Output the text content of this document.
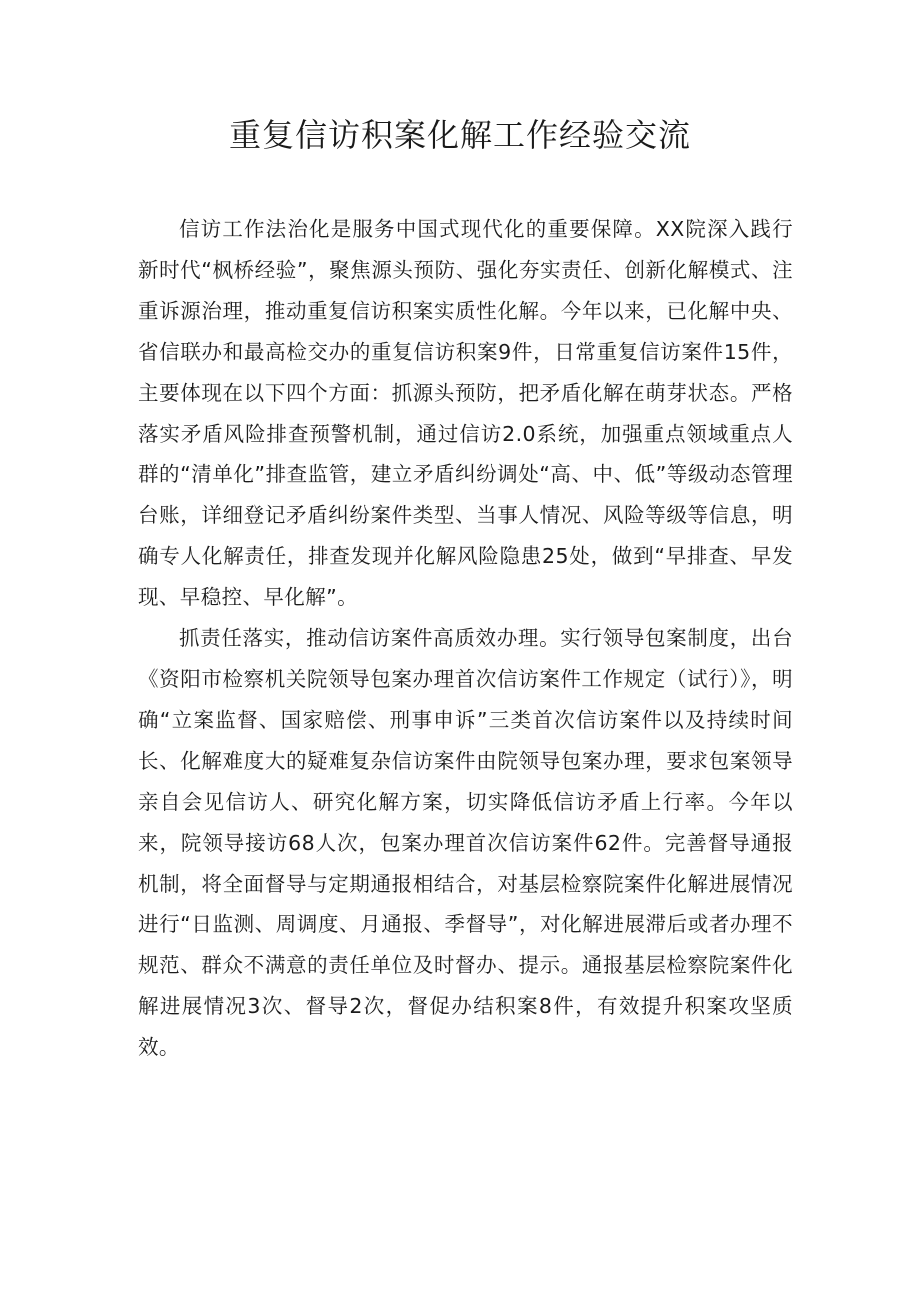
重复信访积案化解工作经验交流

信访工作法治化是服务中国式现代化的重要保障。XX院深入践行新时代“枫桥经验”，聚焦源头预防、强化夯实责任、创新化解模式、注重诉源治理，推动重复信访积案实质性化解。今年以来，已化解中央、省信联办和最高检交办的重复信访积案9件，日常重复信访案件15件，主要体现在以下四个方面：抓源头预防，把矛盾化解在萌芽状态。严格落实矛盾风险排查预警机制，通过信访2.0系统，加强重点领域重点人群的“清单化”排查监管，建立矛盾纠纷调处“高、中、低”等级动态管理台账，详细登记矛盾纠纷案件类型、当事人情况、风险等级等信息，明确专人化解责任，排查发现并化解风险隐患25处，做到“早排查、早发现、早稳控、早化解”。

抓责任落实，推动信访案件高质效办理。实行领导包案制度，出台《资阳市检察机关院领导包案办理首次信访案件工作规定（试行）》，明确“立案监督、国家赔偿、刑事申诉”三类首次信访案件以及持续时间长、化解难度大的疑难复杂信访案件由院领导包案办理，要求包案领导亲自会见信访人、研究化解方案，切实降低信访矛盾上行率。今年以来，院领导接访68人次，包案办理首次信访案件62件。完善督导通报机制，将全面督导与定期通报相结合，对基层检察院案件化解进展情况进行“日监测、周调度、月通报、季督导”，对化解进展滞后或者办理不规范、群众不满意的责任单位及时督办、提示。通报基层检察院案件化解进展情况3次、督导2次，督促办结积案8件，有效提升积案攻坚质效。
